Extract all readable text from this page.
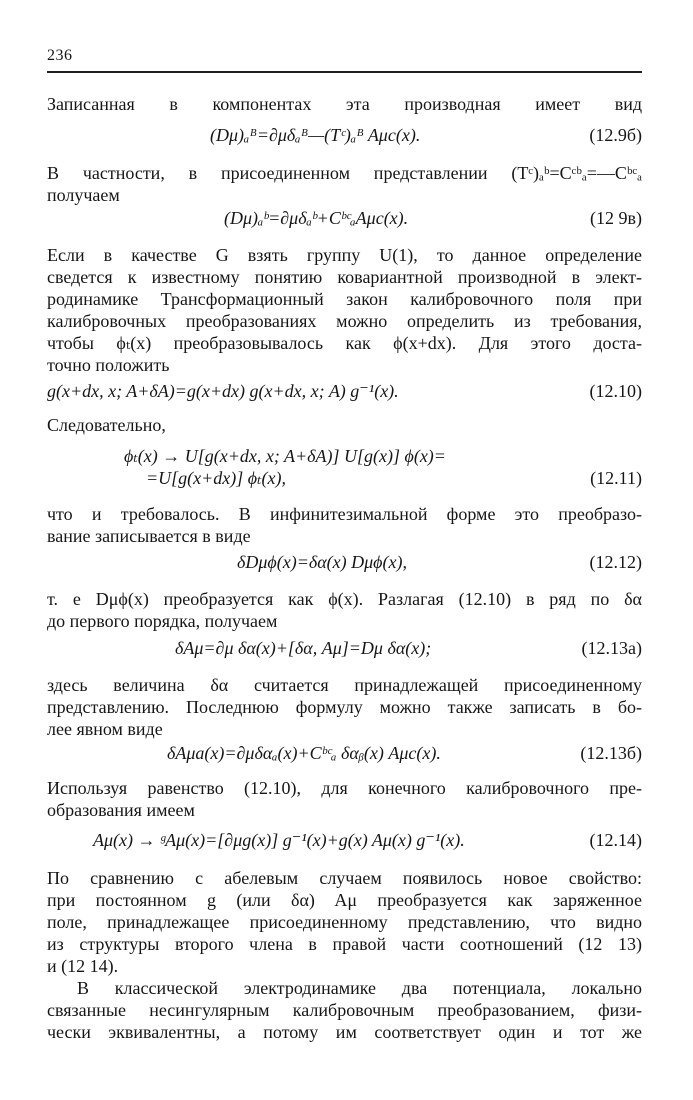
236
Записанная в компонентах эта производная имеет вид
(Dμ)ₐᴮ=∂μδₐᴮ—(Tᶜ)ₐᴮ Aμc(x).	(12.9б)
В частности, в присоединенном представлении (Tᶜ)ₐᵇ=Cᶜᵇₐ=—Cᵇᶜₐ
получаем
(Dμ)ₐᵇ=∂μδₐᵇ+CᵇᶜₐAμc(x).	(12 9в)
Если в качестве G взять группу U(1), то данное определение
сведется к известному понятию ковариантной производной в элект-
родинамике Трансформационный закон калибровочного поля при
калибровочных преобразованиях можно определить из требования,
чтобы ϕₜ(x) преобразовывалось как ϕ(x+dx). Для этого доста-
точно положить
g(x+dx, x; A+δA)=g(x+dx) g(x+dx, x; A) g⁻¹(x).	(12.10)
Следовательно,
ϕₜ(x) → U[g(x+dx, x; A+δA)] U[g(x)] ϕ(x)=
=U[g(x+dx)] ϕₜ(x),	(12.11)
что и требовалось. В инфинитезимальной форме это преобразо-
вание записывается в виде
δDμϕ(x)=δα(x) Dμϕ(x),	(12.12)
т. е Dμϕ(x) преобразуется как ϕ(x). Разлагая (12.10) в ряд по δα
до первого порядка, получаем
δAμ=∂μ δα(x)+[δα, Aμ]=Dμ δα(x);	(12.13а)
здесь величина δα считается принадлежащей присоединенному
представлению. Последнюю формулу можно также записать в бо-
лее явном виде
δAμa(x)=∂μδαₐ(x)+Cᵇᶜₐ δαᵦ(x) Aμc(x).	(12.13б)
Используя равенство (12.10), для конечного калибровочного пре-
образования имеем
Aμ(x) → ᵍAμ(x)=[∂μg(x)] g⁻¹(x)+g(x) Aμ(x) g⁻¹(x).	(12.14)
По сравнению с абелевым случаем появилось новое свойство:
при постоянном g (или δα) Aμ преобразуется как заряженное
поле, принадлежащее присоединенному представлению, что видно
из структуры второго члена в правой части соотношений (12 13)
и (12 14).
В классической электродинамике два потенциала, локально
связанные несингулярным калибровочным преобразованием, физи-
чески эквивалентны, а потому им соответствует один и тот же
